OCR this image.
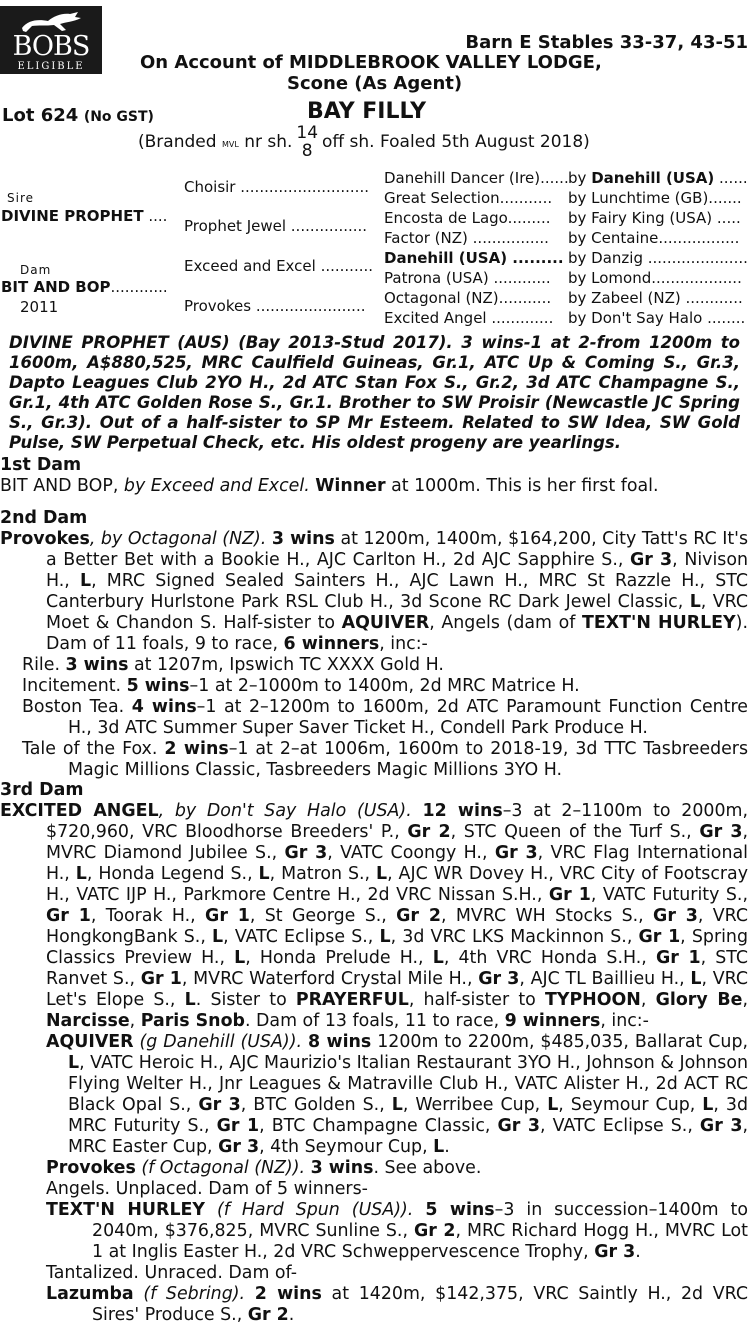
BOBS
ELIGIBLE
Barn E Stables 33-37, 43-51
On Account of MIDDLEBROOK VALLEY LODGE,
Scone (As Agent)
Lot 624 (No GST)	BAY FILLY
(Branded MVL nr sh. 14
8 off sh. Foaled 5th August 2018)
Sire
DIVINE PROPHET ....
Dam
BIT AND BOP............
2011
Choisir ...........................
Prophet Jewel ................
Exceed and Excel ...........
Provokes .......................
Danehill Dancer (Ire)......
Great Selection...........
Encosta de Lago.........
Factor (NZ) ................
Danehill (USA) .........
Patrona (USA) ............
Octagonal (NZ)...........
Excited Angel .............
by Danehill (USA) ......
by Lunchtime (GB).......
by Fairy King (USA) .....
by Centaine.................
by Danzig .....................
by Lomond...................
by Zabeel (NZ) ............
by Don't Say Halo ........

DIVINE PROPHET (AUS) (Bay 2013-Stud 2017). 3 wins-1 at 2-from 1200m to 1600m, A$880,525, MRC Caulfield Guineas, Gr.1, ATC Up & Coming S., Gr.3, Dapto Leagues Club 2YO H., 2d ATC Stan Fox S., Gr.2, 3d ATC Champagne S., Gr.1, 4th ATC Golden Rose S., Gr.1. Brother to SW Proisir (Newcastle JC Spring S., Gr.3). Out of a half-sister to SP Mr Esteem. Related to SW Idea, SW Gold Pulse, SW Perpetual Check, etc. His oldest progeny are yearlings.

1st Dam

BIT AND BOP, by Exceed and Excel. Winner at 1000m. This is her first foal.

2nd Dam

Provokes, by Octagonal (NZ). 3 wins at 1200m, 1400m, $164,200, City Tatt's RC It's a Better Bet with a Bookie H., AJC Carlton H., 2d AJC Sapphire S., Gr 3, Nivison H., L, MRC Signed Sealed Sainters H., AJC Lawn H., MRC St Razzle H., STC Canterbury Hurlstone Park RSL Club H., 3d Scone RC Dark Jewel Classic, L, VRC Moet & Chandon S. Half-sister to AQUIVER, Angels (dam of TEXT'N HURLEY). Dam of 11 foals, 9 to race, 6 winners, inc:-

Rile. 3 wins at 1207m, Ipswich TC XXXX Gold H.

Incitement. 5 wins–1 at 2–1000m to 1400m, 2d MRC Matrice H.

Boston Tea. 4 wins–1 at 2–1200m to 1600m, 2d ATC Paramount Function Centre H., 3d ATC Summer Super Saver Ticket H., Condell Park Produce H.

Tale of the Fox. 2 wins–1 at 2–at 1006m, 1600m to 2018-19, 3d TTC Tasbreeders Magic Millions Classic, Tasbreeders Magic Millions 3YO H.

3rd Dam

EXCITED ANGEL, by Don't Say Halo (USA). 12 wins–3 at 2–1100m to 2000m, $720,960, VRC Bloodhorse Breeders' P., Gr 2, STC Queen of the Turf S., Gr 3, MVRC Diamond Jubilee S., Gr 3, VATC Coongy H., Gr 3, VRC Flag International H., L, Honda Legend S., L, Matron S., L, AJC WR Dovey H., VRC City of Footscray H., VATC IJP H., Parkmore Centre H., 2d VRC Nissan S.H., Gr 1, VATC Futurity S., Gr 1, Toorak H., Gr 1, St George S., Gr 2, MVRC WH Stocks S., Gr 3, VRC HongkongBank S., L, VATC Eclipse S., L, 3d VRC LKS Mackinnon S., Gr 1, Spring Classics Preview H., L, Honda Prelude H., L, 4th VRC Honda S.H., Gr 1, STC Ranvet S., Gr 1, MVRC Waterford Crystal Mile H., Gr 3, AJC TL Baillieu H., L, VRC Let's Elope S., L. Sister to PRAYERFUL, half-sister to TYPHOON, Glory Be, Narcisse, Paris Snob. Dam of 13 foals, 11 to race, 9 winners, inc:-

AQUIVER (g Danehill (USA)). 8 wins 1200m to 2200m, $485,035, Ballarat Cup, L, VATC Heroic H., AJC Maurizio's Italian Restaurant 3YO H., Johnson & Johnson Flying Welter H., Jnr Leagues & Matraville Club H., VATC Alister H., 2d ACT RC Black Opal S., Gr 3, BTC Golden S., L, Werribee Cup, L, Seymour Cup, L, 3d MRC Futurity S., Gr 1, BTC Champagne Classic, Gr 3, VATC Eclipse S., Gr 3, MRC Easter Cup, Gr 3, 4th Seymour Cup, L.

Provokes (f Octagonal (NZ)). 3 wins. See above.

Angels. Unplaced. Dam of 5 winners-

TEXT'N HURLEY (f Hard Spun (USA)). 5 wins–3 in succession–1400m to 2040m, $376,825, MVRC Sunline S., Gr 2, MRC Richard Hogg H., MVRC Lot 1 at Inglis Easter H., 2d VRC Schweppervescence Trophy, Gr 3.

Tantalized. Unraced. Dam of-

Lazumba (f Sebring). 2 wins at 1420m, $142,375, VRC Saintly H., 2d VRC Sires' Produce S., Gr 2.
